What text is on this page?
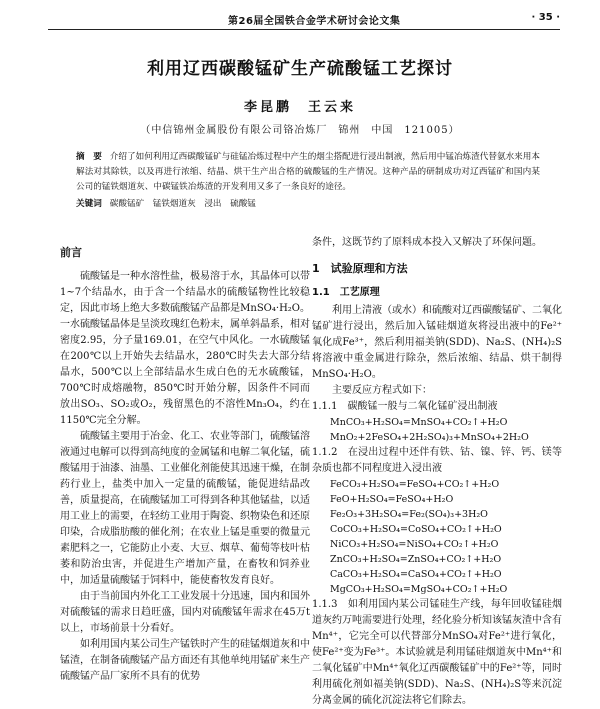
第26届全国铁合金学术研讨会论文集	· 35 ·
利用辽西碳酸锰矿生产硫酸锰工艺探讨
李昆鹏　王云来
（中信锦州金属股份有限公司铬冶炼厂　锦州　中国　121005）
摘　要 介绍了如何利用辽西碳酸锰矿与硅锰冶炼过程中产生的烟尘搭配进行浸出制液，然后用中锰冶炼渣代替氨水来用本解法对其除铁，以及再进行浓缩、结晶、烘干生产出合格的硫酸锰的生产情况。这种产品的研制成功对辽西锰矿和国内某公司的锰铁烟道灰、中碳锰铁冶炼渣的开发利用又多了一条良好的途径。
关键词 碳酸锰矿　锰铁烟道灰　浸出　硫酸锰
前言

硫酸锰是一种水溶性盐，极易溶于水，其晶体可以带1~7个结晶水，由于含一个结晶水的硫酸锰物性比较稳定，因此市场上绝大多数硫酸锰产品都是MnSO₄·H₂O。一水硫酸锰晶体是呈淡玫瑰红色粉末，属单斜晶系，相对密度2.95，分子量169.01，在空气中风化。一水硫酸锰在200℃以上开始失去结晶水，280℃时失去大部分结晶水，500℃以上全部结晶水生成白色的无水硫酸锰，700℃时成熔融物，850℃时开始分解，因条件不同而放出SO₃、SO₂或O₂，残留黑色的不溶性Mn₃O₄，约在1150℃完全分解。

硫酸锰主要用于冶金、化工、农业等部门，硫酸锰溶液通过电解可以得到高纯度的金属锰和电解二氧化锰，硫酸锰用于油漆、油墨、工业催化剂能使其迅速干燥，在制药行业上，盐类中加入一定量的硫酸锰，能促进结晶改善，质量提高，在硫酸锰加工可得到各种其他锰盐，以适用工业上的需要，在轻纺工业用于陶瓷、织物染色和还原印染，合成脂肪酸的催化剂；在农业上锰是重要的微量元素肥料之一，它能防止小麦、大豆、烟草、葡萄等枝叶枯萎和防治虫害，并促进生产增加产量，在畜牧和饲养业中，加适量硫酸锰于饲料中，能使畜牧发育良好。

由于当前国内外化工工业发展十分迅速，国内和国外对硫酸锰的需求日趋旺盛，国内对硫酸锰年需求在45万t以上，市场前景十分看好。

如利用国内某公司生产锰铁时产生的硅锰烟道灰和中锰渣，在制备硫酸锰产品方面还有其他单纯用锰矿来生产硫酸锰产品厂家所不具有的优势

条件，这既节约了原料成本投入又解决了环保问题。

1　试验原理和方法
1.1　工艺原理

利用上清液（或水）和硫酸对辽西碳酸锰矿、二氧化锰矿进行浸出，然后加入锰硅烟道灰将浸出液中的Fe²⁺氧化成Fe³⁺，然后利用福美钠(SDD)、Na₂S、(NH₄)₂S将溶液中重金属进行除杂，然后浓缩、结晶、烘干制得MnSO₄·H₂O。

主要反应方程式如下：

1.1.1　碳酸锰一般与二氧化锰矿浸出制液

MnCO₃+H₂SO₄=MnSO₄+CO₂↑+H₂O
MnO₂+2FeSO₄+2H₂SO₄)₃+MnSO₄+2H₂O

1.1.2　在浸出过程中还伴有铁、钴、镍、锌、钙、镁等杂质也都不同程度进入浸出液

FeCO₃+H₂SO₄=FeSO₄+CO₂↑+H₂O
FeO+H₂SO₄=FeSO₄+H₂O
Fe₂O₃+3H₂SO₄=Fe₂(SO₄)₃+3H₂O
CoCO₃+H₂SO₄=CoSO₄+CO₂↑+H₂O
NiCO₃+H₂SO₄=NiSO₄+CO₂↑+H₂O
ZnCO₃+H₂SO₄=ZnSO₄+CO₂↑+H₂O
CaCO₃+H₂SO₄=CaSO₄+CO₂↑+H₂O
MgCO₃+H₂SO₄=MgSO₄+CO₂↑+H₂O

1.1.3　如利用国内某公司锰硅生产线，每年回收锰硅烟道灰约万吨需要进行处理，经化验分析知该锰灰渣中含有Mn⁴⁺，它完全可以代替部分MnSO₄对Fe²⁺进行氧化，使Fe²⁺变为Fe³⁺。本试验就是利用锰硅烟道灰中Mn⁴⁺和二氧化锰矿中Mn⁴⁺氧化辽西碳酸锰矿中的Fe²⁺等，同时利用硫化剂如福美钠(SDD)、Na₂S、(NH₄)₂S等来沉淀分离金属的硫化沉淀法将它们除去。
